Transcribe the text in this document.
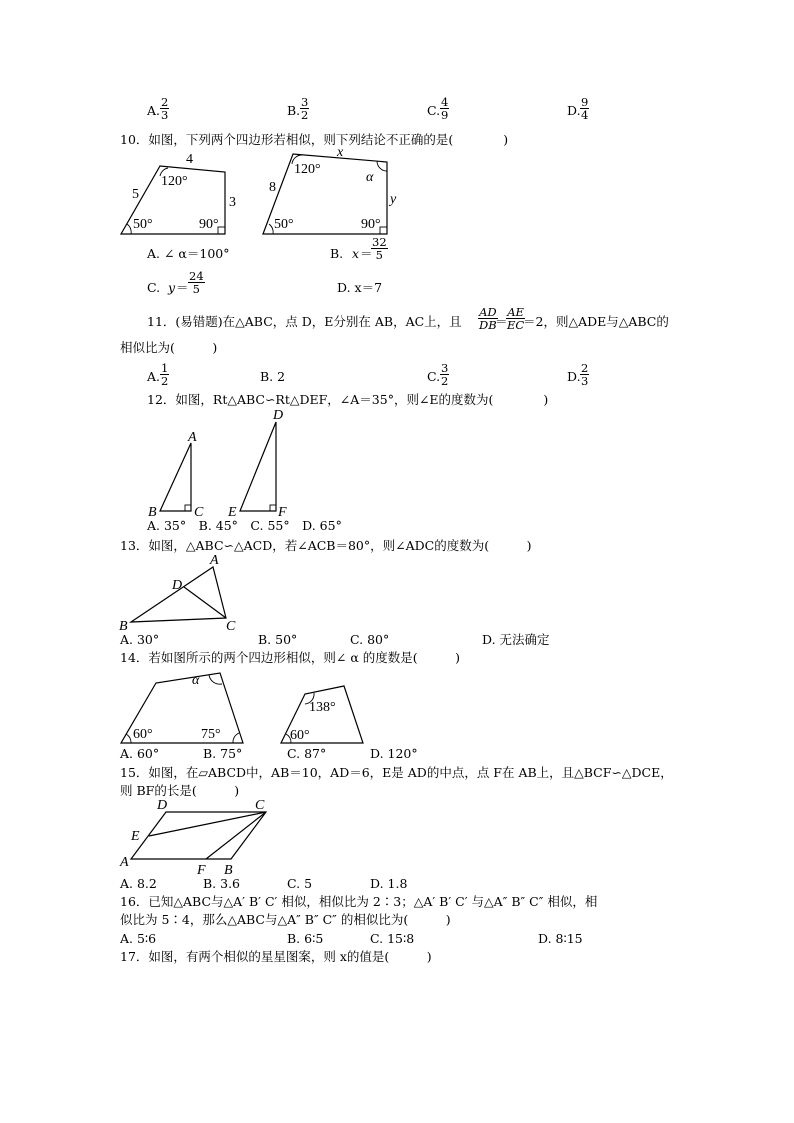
A. $\frac{2}{3}$	B. $\frac{3}{2}$	C. $\frac{4}{9}$	D. $\frac{9}{4}$
10．如图，下列两个四边形若相似，则下列结论不正确的是(　　　　)
4
5
3
120°
50°	90°
x
8
y
α
120°
50°	90°
A. ∠ α＝100°	B. x ＝
$\frac{32}{5}$
C. $y = \frac{24}{5}$	D. x＝7
11．(易错题)在△ABC，点 D，E分别在 AB，AC上，且 $\frac{AD}{DB}$
＝
$\frac{AE}{EC}$
＝2，则△ADE与△ABC的
相似比为(　　　)
A. $\frac{1}{2}$	B. 2	C. $\frac{3}{2}$	D. $\frac{2}{3}$
12．如图，Rt△ABC∽Rt△DEF，∠A＝35°，则∠E的度数为(　　　　)
A
B	C
D
E	F
A. 35°　B. 45°　C. 55°　D. 65°
13．如图，△ABC∽△ACD，若∠ACB＝80°，则∠ADC的度数为(　　　)
A
B	C
D
A. 30°	B. 50°	C. 80°	D. 无法确定
14．若如图所示的两个四边形相似，则∠ α 的度数是(　　　)
α
60°	75°
138°
60°
A. 60°	B. 75°	C. 87°	D. 120°
15．如图，在▱ABCD中，AB＝10，AD＝6，E是 AD的中点，点 F在 AB上，且△BCF∽△DCE，
则 BF的长是(　　　)
A
B
C
D
E
F
A. 8.2	B. 3.6	C. 5	D. 1.8
16．已知△ABC与△A′ B′ C′ 相似，相似比为 2∶3；△A′ B′ C′ 与△A″ B″ C″ 相似，相
似比为 5∶4，那么△ABC与△A″ B″ C″ 的相似比为(　　　)
A. 5∶6	B. 6∶5	C. 15∶8	D. 8∶15
17．如图，有两个相似的星星图案，则 x的值是(　　　)
